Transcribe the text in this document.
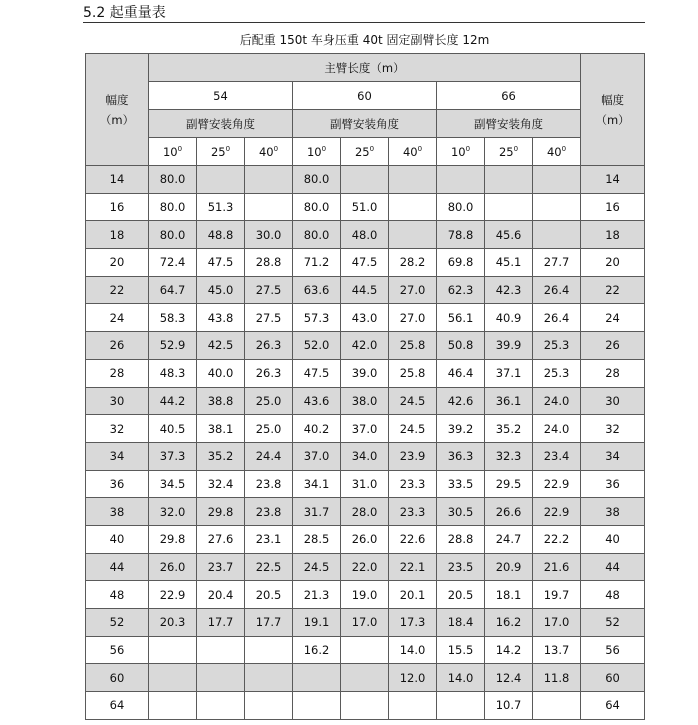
5.2 起重量表
后配重 150t 车身压重 40t 固定副臂长度 12m
幅度
（m）	主臂长度（m）									幅度
（m）
	54			60			66			
	副臂安装角度			副臂安装角度			副臂安装角度			
	$10^0$	$25^0$	$40^0$	$10^0$	$25^0$	$40^0$	$10^0$	$25^0$	$40^0$
14	80.0			80.0						14
16	80.0	51.3		80.0	51.0		80.0			16
18	80.0	48.8	30.0	80.0	48.0		78.8	45.6		18
20	72.4	47.5	28.8	71.2	47.5	28.2	69.8	45.1	27.7	20
22	64.7	45.0	27.5	63.6	44.5	27.0	62.3	42.3	26.4	22
24	58.3	43.8	27.5	57.3	43.0	27.0	56.1	40.9	26.4	24
26	52.9	42.5	26.3	52.0	42.0	25.8	50.8	39.9	25.3	26
28	48.3	40.0	26.3	47.5	39.0	25.8	46.4	37.1	25.3	28
30	44.2	38.8	25.0	43.6	38.0	24.5	42.6	36.1	24.0	30
32	40.5	38.1	25.0	40.2	37.0	24.5	39.2	35.2	24.0	32
34	37.3	35.2	24.4	37.0	34.0	23.9	36.3	32.3	23.4	34
36	34.5	32.4	23.8	34.1	31.0	23.3	33.5	29.5	22.9	36
38	32.0	29.8	23.8	31.7	28.0	23.3	30.5	26.6	22.9	38
40	29.8	27.6	23.1	28.5	26.0	22.6	28.8	24.7	22.2	40
44	26.0	23.7	22.5	24.5	22.0	22.1	23.5	20.9	21.6	44
48	22.9	20.4	20.5	21.3	19.0	20.1	20.5	18.1	19.7	48
52	20.3	17.7	17.7	19.1	17.0	17.3	18.4	16.2	17.0	52
56				16.2		14.0	15.5	14.2	13.7	56
60						12.0	14.0	12.4	11.8	60
64								10.7		64
